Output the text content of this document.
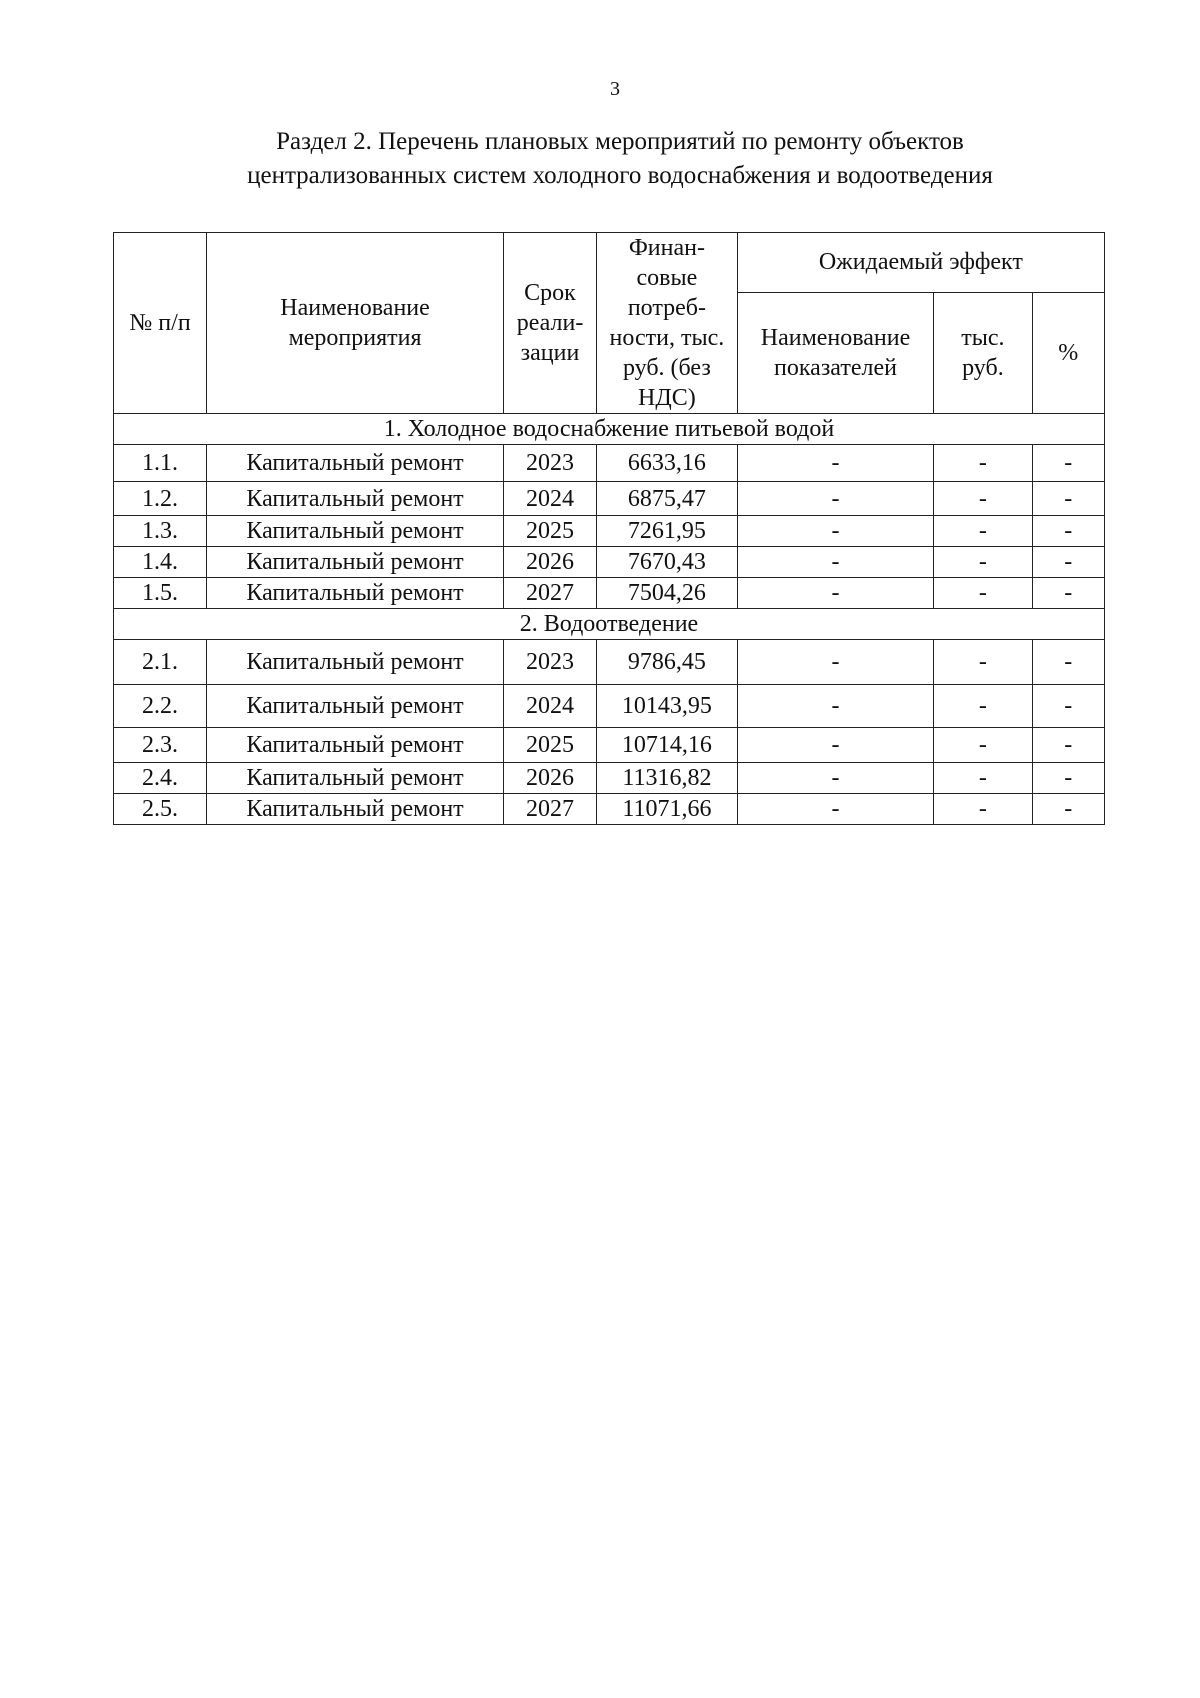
3
Раздел 2. Перечень плановых мероприятий по ремонту объектов
централизованных систем холодного водоснабжения и водоотведения
№ п/п	Наименование мероприятия	Срок реали- зации	Финан- совые потреб- ности, тыс. руб. (без НДС)	Ожидаемый эффект		
				Наименование показателей	тыс. руб.	%
1. Холодное водоснабжение питьевой водой						
1.1.	Капитальный ремонт	2023	6633,16	-	-	-
1.2.	Капитальный ремонт	2024	6875,47	-	-	-
1.3.	Капитальный ремонт	2025	7261,95	-	-	-
1.4.	Капитальный ремонт	2026	7670,43	-	-	-
1.5.	Капитальный ремонт	2027	7504,26	-	-	-
2. Водоотведение						
2.1.	Капитальный ремонт	2023	9786,45	-	-	-
2.2.	Капитальный ремонт	2024	10143,95	-	-	-
2.3.	Капитальный ремонт	2025	10714,16	-	-	-
2.4.	Капитальный ремонт	2026	11316,82	-	-	-
2.5.	Капитальный ремонт	2027	11071,66	-	-	-
